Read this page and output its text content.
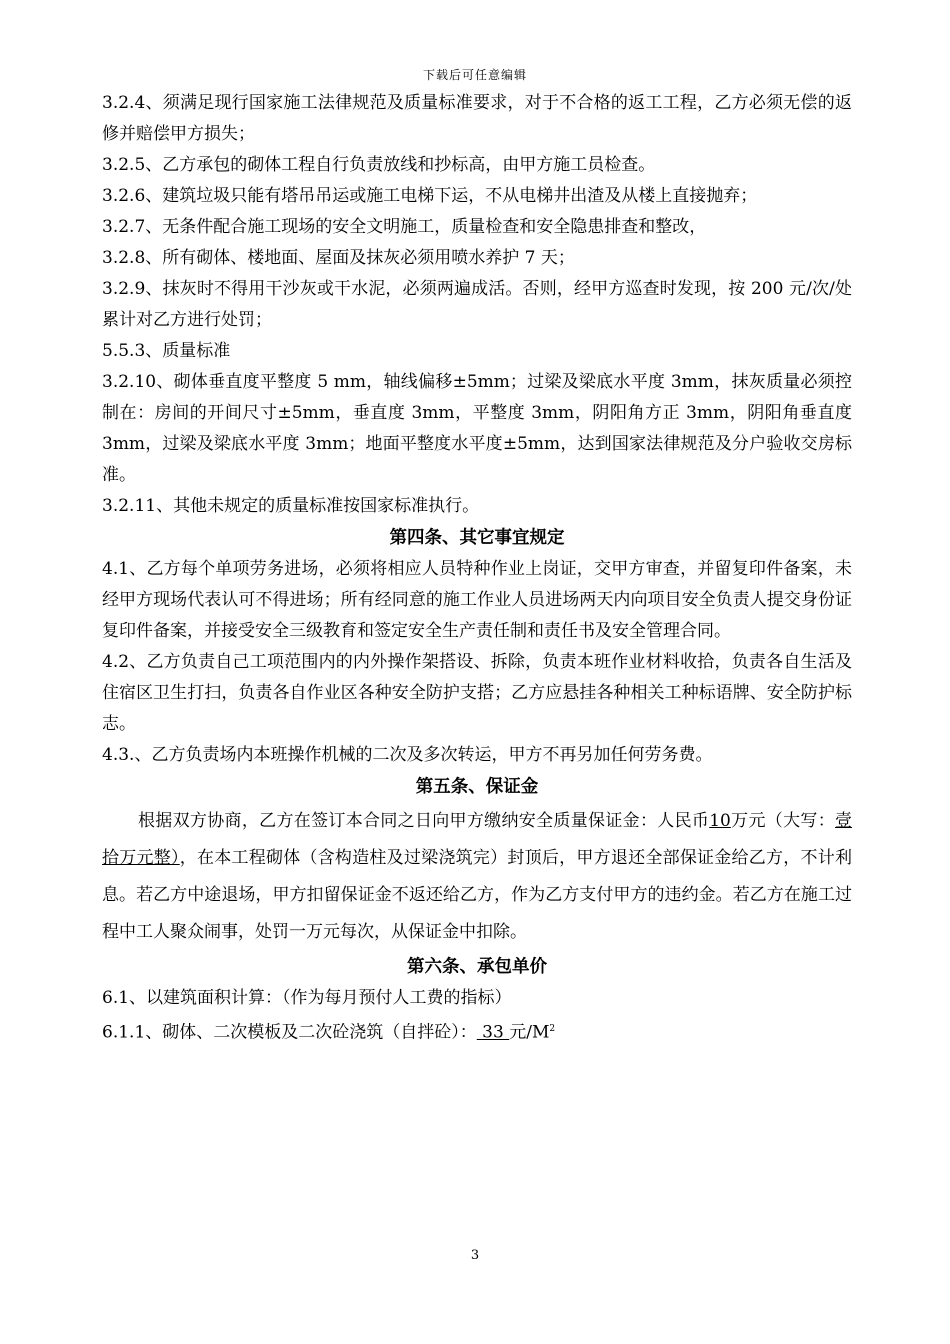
下载后可任意编辑

3.2.4、须满足现行国家施工法律规范及质量标准要求，对于不合格的返工工程，乙方必须无偿的返修并赔偿甲方损失；

3.2.5、乙方承包的砌体工程自行负责放线和抄标高，由甲方施工员检查。

3.2.6、建筑垃圾只能有塔吊吊运或施工电梯下运，不从电梯井出渣及从楼上直接抛弃；

3.2.7、无条件配合施工现场的安全文明施工，质量检查和安全隐患排查和整改，

3.2.8、所有砌体、楼地面、屋面及抹灰必须用喷水养护 7 天；

3.2.9、抹灰时不得用干沙灰或干水泥，必须两遍成活。否则，经甲方巡查时发现，按 200 元/次/处累计对乙方进行处罚；

5.5.3、质量标准

3.2.10、砌体垂直度平整度 5 mm，轴线偏移±5mm；过梁及梁底水平度 3mm，抹灰质量必须控制在：房间的开间尺寸±5mm，垂直度 3mm，平整度 3mm，阴阳角方正 3mm，阴阳角垂直度 3mm，过梁及梁底水平度 3mm；地面平整度水平度±5mm，达到国家法律规范及分户验收交房标准。

3.2.11、其他未规定的质量标准按国家标准执行。

第四条、其它事宜规定

4.1、乙方每个单项劳务进场，必须将相应人员特种作业上岗证，交甲方审查，并留复印件备案，未经甲方现场代表认可不得进场；所有经同意的施工作业人员进场两天内向项目安全负责人提交身份证复印件备案，并接受安全三级教育和签定安全生产责任制和责任书及安全管理合同。

4.2、乙方负责自己工项范围内的内外操作架搭设、拆除，负责本班作业材料收拾，负责各自生活及住宿区卫生打扫，负责各自作业区各种安全防护支搭；乙方应悬挂各种相关工种标语牌、安全防护标志。

4.3.、乙方负责场内本班操作机械的二次及多次转运，甲方不再另加任何劳务费。

第五条、保证金

根据双方协商，乙方在签订本合同之日向甲方缴纳安全质量保证金：人民币10万元（大写：壹拾万元整），在本工程砌体（含构造柱及过梁浇筑完）封顶后，甲方退还全部保证金给乙方，不计利息。若乙方中途退场，甲方扣留保证金不返还给乙方，作为乙方支付甲方的违约金。若乙方在施工过程中工人聚众闹事，处罚一万元每次，从保证金中扣除。

第六条、承包单价

6.1、以建筑面积计算：（作为每月预付人工费的指标）

6.1.1、砌体、二次模板及二次砼浇筑（自拌砼）： 33 元$/M^2$

3
